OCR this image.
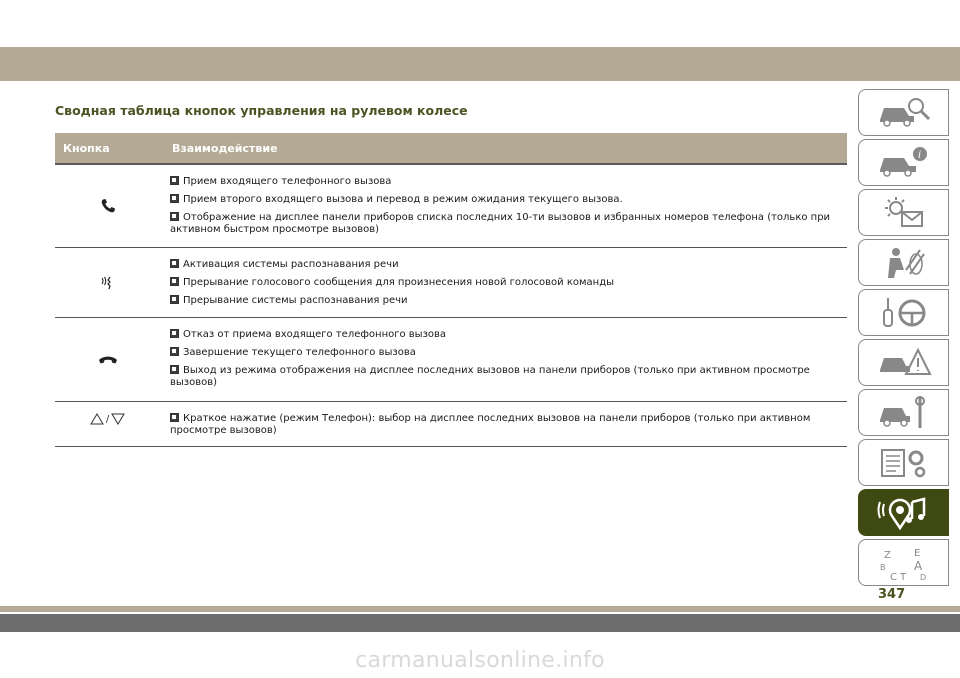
Сводная таблица кнопок управления на рулевом колесе
Кнопка	Взаимодействие
Прием входящего телефонного вызова
Прием второго входящего вызова и перевод в режим ожидания текущего вызова.
Отображение на дисплее панели приборов списка последних 10-ти вызовов и избранных номеров телефона (только при активном быстром просмотре вызовов)
Активация системы распознавания речи
Прерывание голосового сообщения для произнесения новой голосовой команды
Прерывание системы распознавания речи
Отказ от приема входящего телефонного вызова
Завершение текущего телефонного вызова
Выход из режима отображения на дисплее последних вызовов на панели приборов (только при активном просмотре вызовов)
/	Краткое нажатие (режим Телефон): выбор на дисплее последних вызовов на панели приборов (только при активном просмотре вызовов)
i
Z E
B A
C T D
347
carmanualsonline.info
